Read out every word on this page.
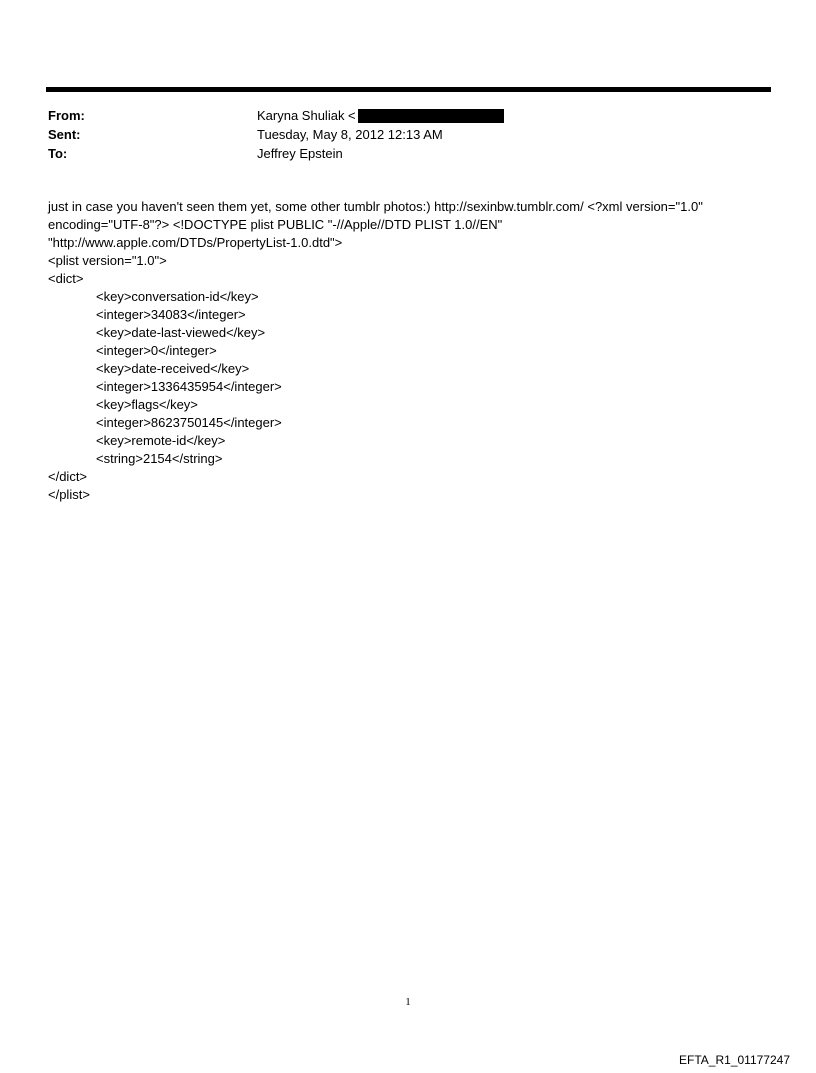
From:	Karyna Shuliak <
Sent:	Tuesday, May 8, 2012 12:13 AM
To:	Jeffrey Epstein
just in case you haven't seen them yet, some other tumblr photos:) http://sexinbw.tumblr.com/ <?xml version="1.0"
encoding="UTF-8"?> <!DOCTYPE plist PUBLIC "-//Apple//DTD PLIST 1.0//EN"
"http://www.apple.com/DTDs/PropertyList-1.0.dtd">
<plist version="1.0">
<dict>
<key>conversation-id</key>
<integer>34083</integer>
<key>date-last-viewed</key>
<integer>0</integer>
<key>date-received</key>
<integer>1336435954</integer>
<key>flags</key>
<integer>8623750145</integer>
<key>remote-id</key>
<string>2154</string>
</dict>
</plist>
1
EFTA_R1_01177247
